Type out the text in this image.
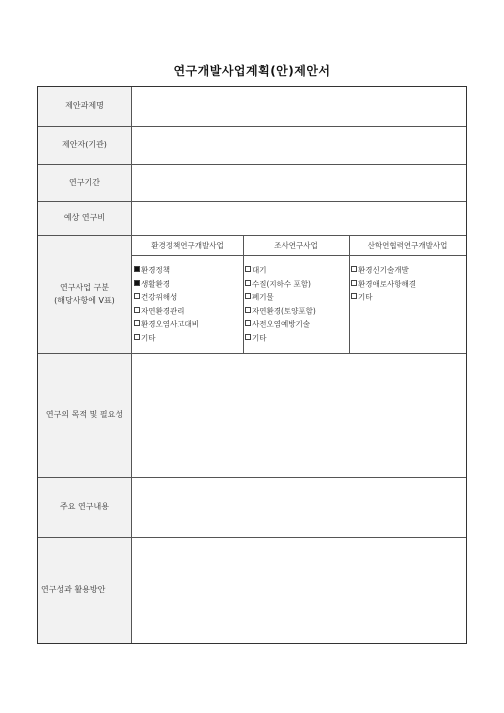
연구개발사업계획(안)제안서
제안과제명
제안자(기관)
연구기간
예상 연구비
연구사업 구분
(해당사항에 V표)
환경정책연구개발사업	조사연구사업	산학연협력연구개발사업
환경정책
생활환경
건강위해성
자연환경관리
환경오염사고대비
기타
대기
수질(지하수 포함)
폐기물
자연환경(토양포함)
사전오염예방기술
기타
환경신기술개발
환경애로사항해결
기타
연구의 목적 및 필요성
주요 연구내용
연구성과 활용방안
